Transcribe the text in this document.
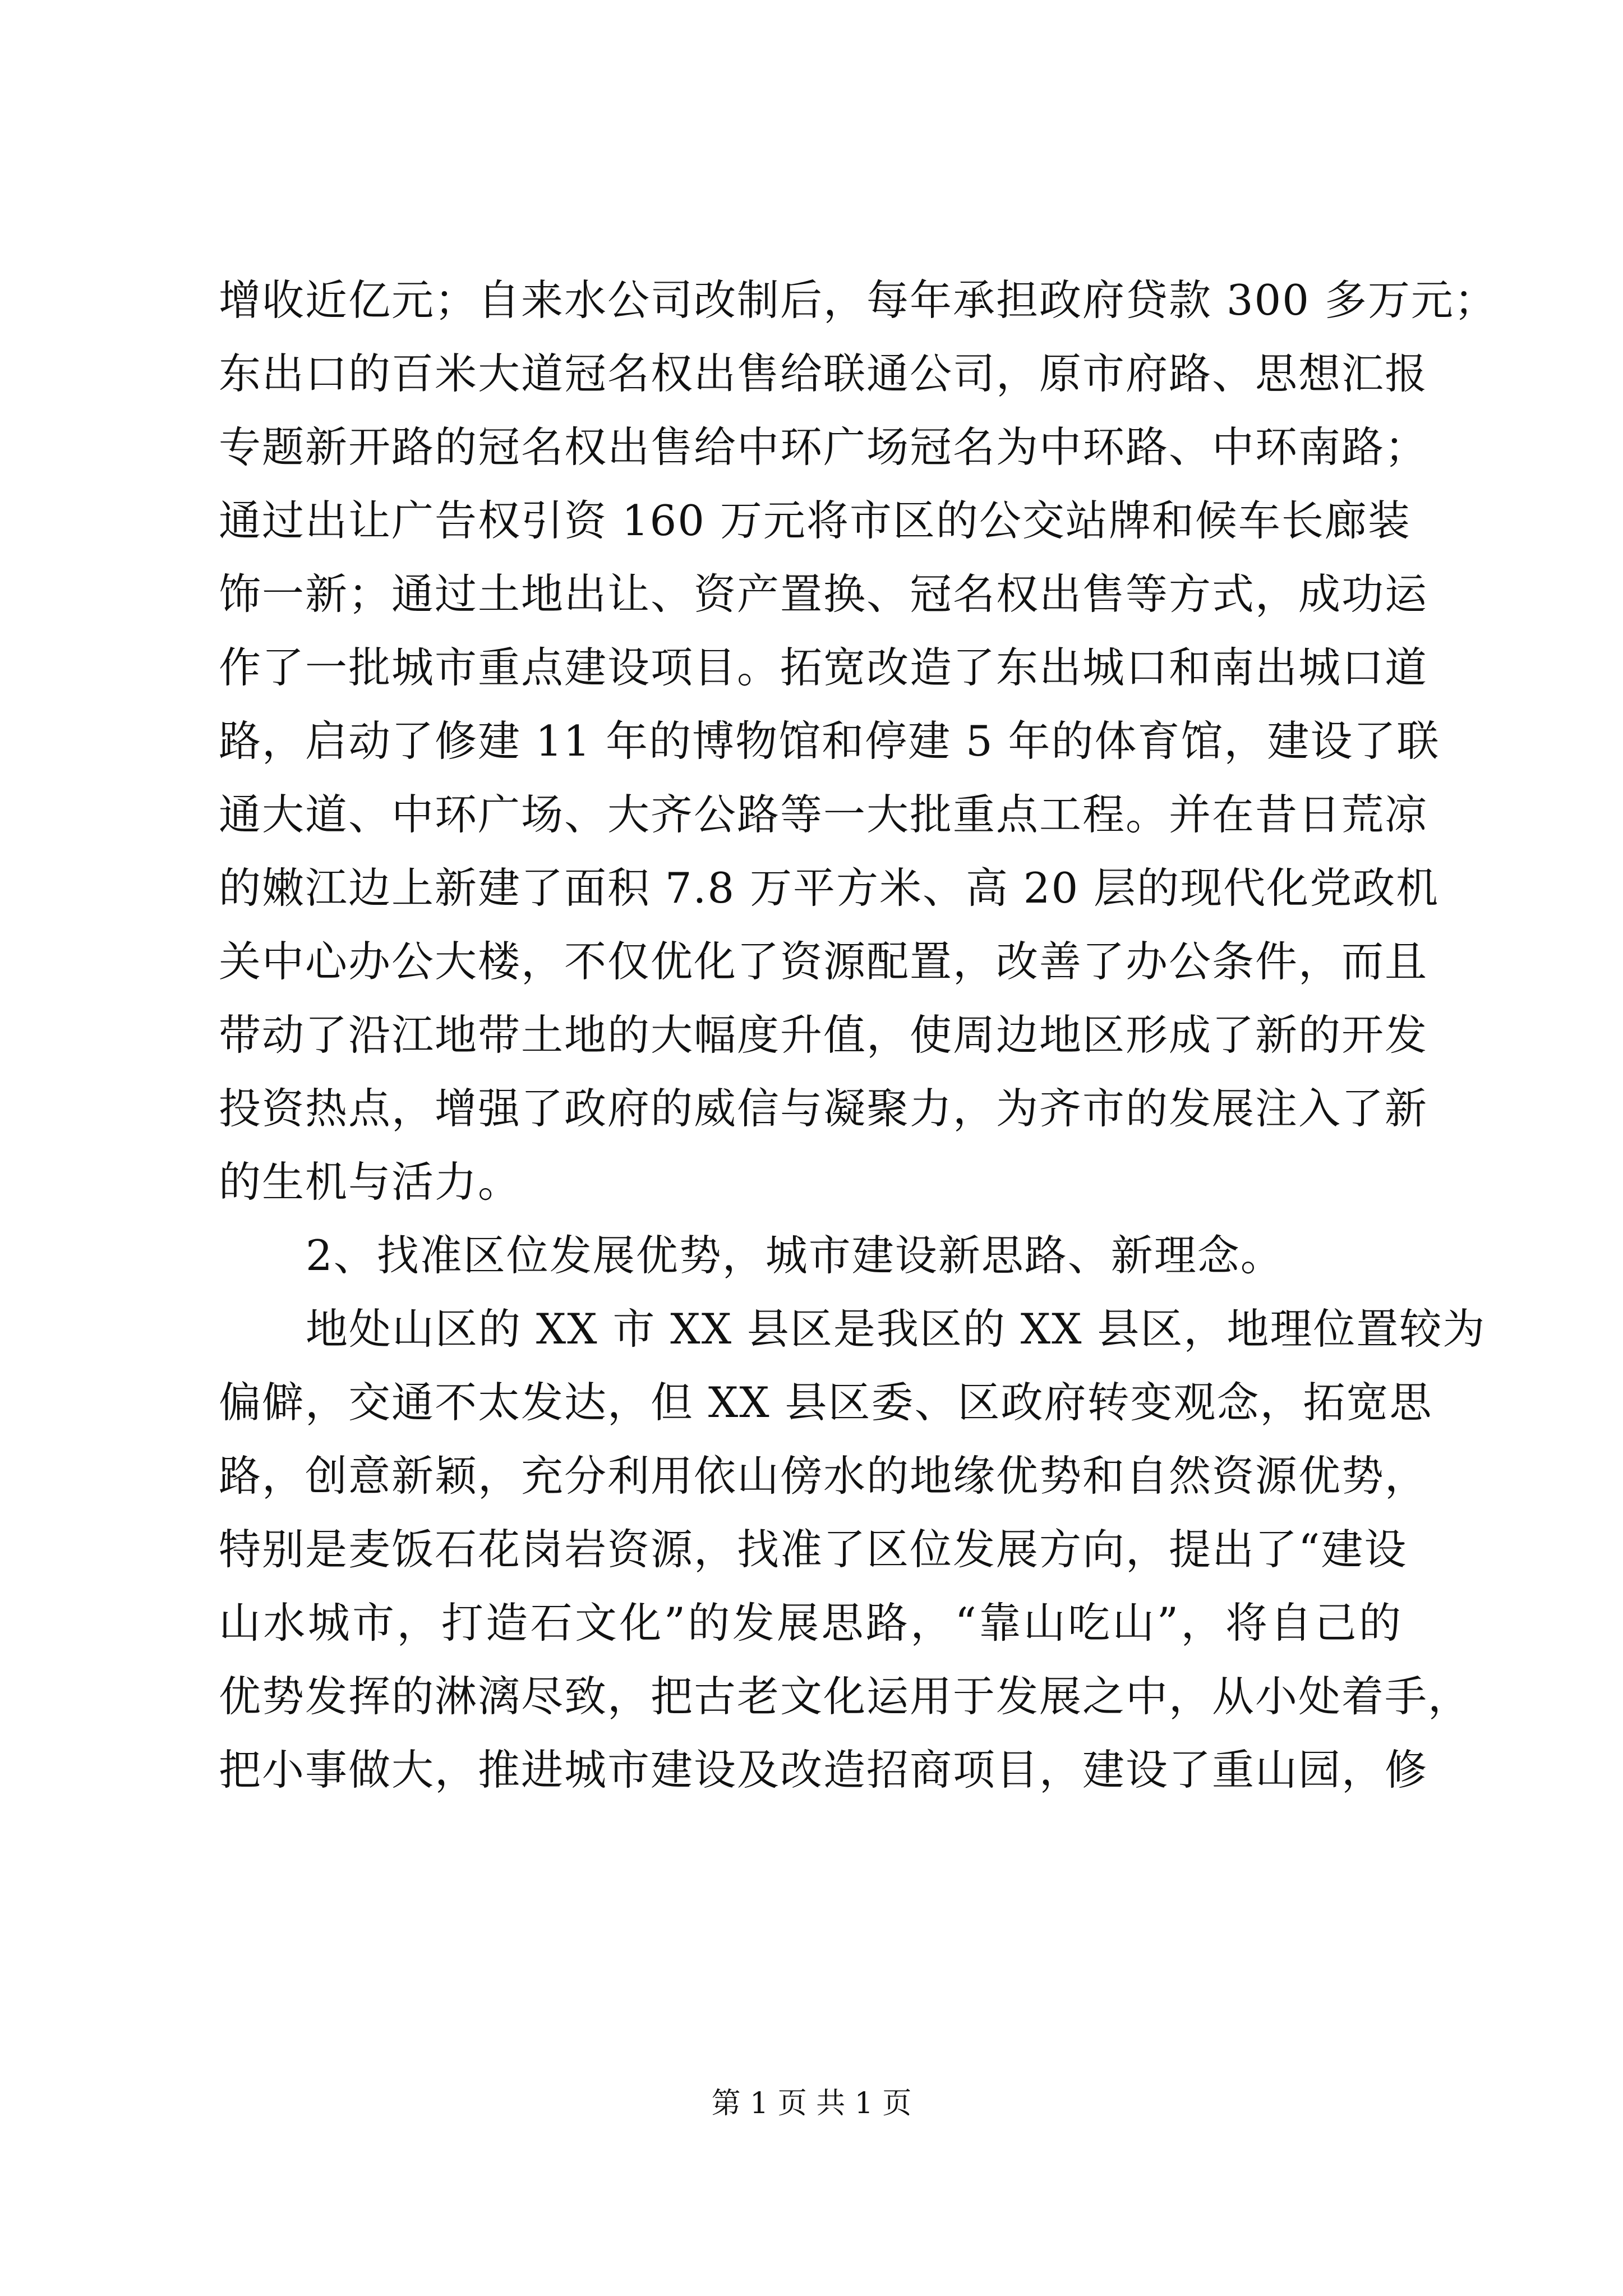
增收近亿元；自来水公司改制后，每年承担政府贷款 300 多万元；
东出口的百米大道冠名权出售给联通公司，原市府路、思想汇报
专题新开路的冠名权出售给中环广场冠名为中环路、中环南路；
通过出让广告权引资 160 万元将市区的公交站牌和候车长廊装
饰一新；通过土地出让、资产置换、冠名权出售等方式，成功运
作了一批城市重点建设项目。拓宽改造了东出城口和南出城口道
路，启动了修建 11 年的博物馆和停建 5 年的体育馆，建设了联
通大道、中环广场、大齐公路等一大批重点工程。并在昔日荒凉
的嫩江边上新建了面积 7.8 万平方米、高 20 层的现代化党政机
关中心办公大楼，不仅优化了资源配置，改善了办公条件，而且
带动了沿江地带土地的大幅度升值，使周边地区形成了新的开发
投资热点，增强了政府的威信与凝聚力，为齐市的发展注入了新
的生机与活力。
2、找准区位发展优势，城市建设新思路、新理念。
地处山区的 XX 市 XX 县区是我区的 XX 县区，地理位置较为
偏僻，交通不太发达，但 XX 县区委、区政府转变观念，拓宽思
路，创意新颖，充分利用依山傍水的地缘优势和自然资源优势，
特别是麦饭石花岗岩资源，找准了区位发展方向，提出了“建设
山水城市，打造石文化”的发展思路，“靠山吃山”，将自己的
优势发挥的淋漓尽致，把古老文化运用于发展之中，从小处着手，
把小事做大，推进城市建设及改造招商项目，建设了重山园，修
第 1 页 共 1 页
